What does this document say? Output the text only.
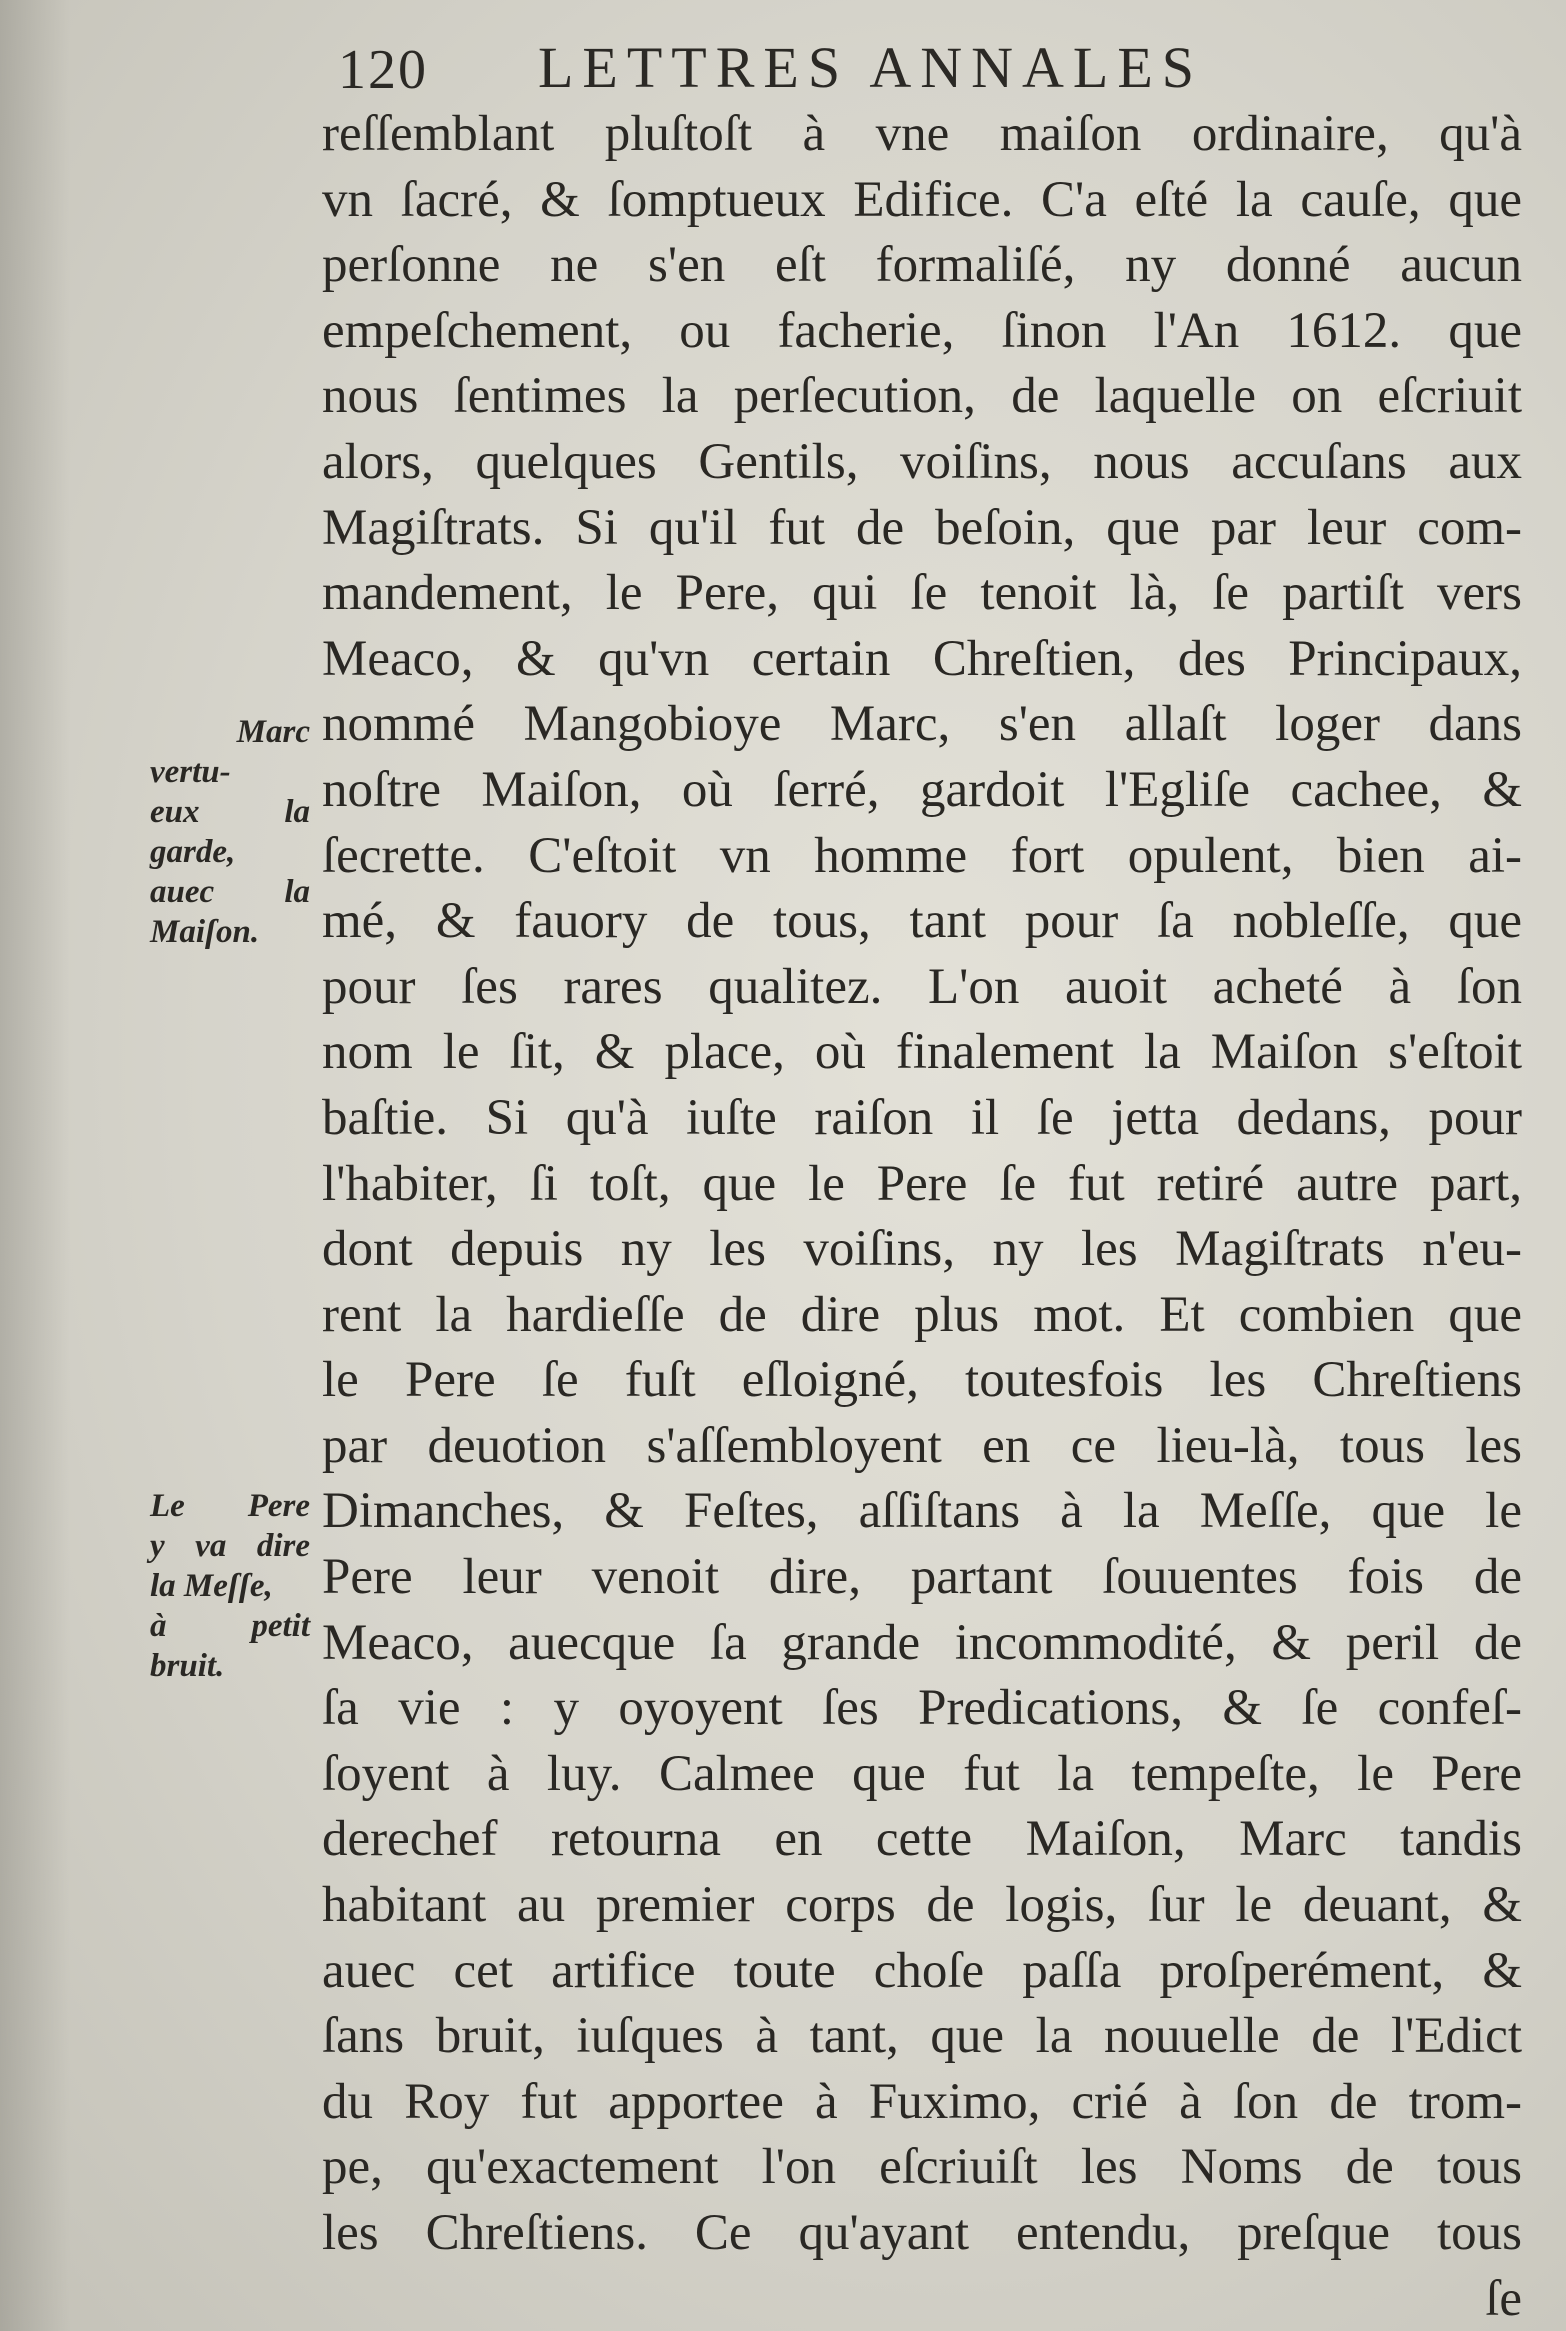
120 LETTRES ANNALES
reſſemblant pluſtoſt à vne maiſon ordinaire, qu'à
vn ſacré, & ſomptueux Edifice. C'a eſté la cauſe, que
perſonne ne s'en eſt formaliſé, ny donné aucun
empeſchement, ou facherie, ſinon l'An 1612. que
nous ſentimes la perſecution, de laquelle on eſcriuit
alors, quelques Gentils, voiſins, nous accuſans aux
Magiſtrats. Si qu'il fut de beſoin, que par leur com-
mandement, le Pere, qui ſe tenoit là, ſe partiſt vers
Meaco, & qu'vn certain Chreſtien, des Principaux,
nommé Mangobioye Marc, s'en allaſt loger dans
noſtre Maiſon, où ſerré, gardoit l'Egliſe cachee, &
ſecrette. C'eſtoit vn homme fort opulent, bien ai-
mé, & fauory de tous, tant pour ſa nobleſſe, que
pour ſes rares qualitez. L'on auoit acheté à ſon
nom le ſit, & place, où finalement la Maiſon s'eſtoit
baſtie. Si qu'à iuſte raiſon il ſe jetta dedans, pour
l'habiter, ſi toſt, que le Pere ſe fut retiré autre part,
dont depuis ny les voiſins, ny les Magiſtrats n'eu-
rent la hardieſſe de dire plus mot. Et combien que
le Pere ſe fuſt eſloigné, toutesfois les Chreſtiens
par deuotion s'aſſembloyent en ce lieu-là, tous les
Dimanches, & Feſtes, aſſiſtans à la Meſſe, que le
Pere leur venoit dire, partant ſouuentes fois de
Meaco, auecque ſa grande incommodité, & peril de
ſa vie : y oyoyent ſes Predications, & ſe confeſ-
ſoyent à luy. Calmee que fut la tempeſte, le Pere
derechef retourna en cette Maiſon, Marc tandis
habitant au premier corps de logis, ſur le deuant, &
auec cet artifice toute choſe paſſa proſperément, &
ſans bruit, iuſques à tant, que la nouuelle de l'Edict
du Roy fut apportee à Fuximo, crié à ſon de trom-
pe, qu'exactement l'on eſcriuiſt les Noms de tous
les Chreſtiens. Ce qu'ayant entendu, preſque tous
ſe
Marc
vertu-
eux la
garde,
auec la
Maiſon.
Le Pere
y va dire
la Meſſe,
à petit
bruit.
